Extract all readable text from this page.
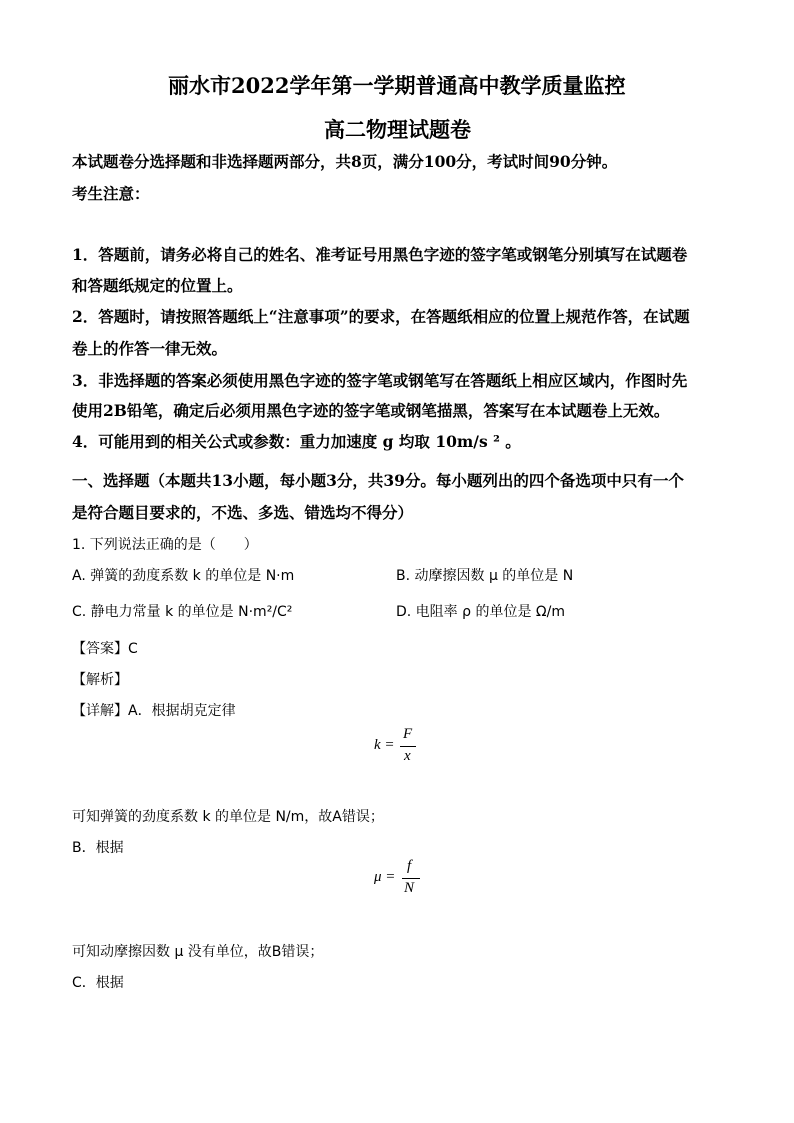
丽水市2022学年第一学期普通高中教学质量监控
高二物理试题卷
本试题卷分选择题和非选择题两部分，共8页，满分100分，考试时间90分钟。
考生注意：
1．答题前，请务必将自己的姓名、准考证号用黑色字迹的签字笔或钢笔分别填写在试题卷
和答题纸规定的位置上。
2．答题时，请按照答题纸上“注意事项”的要求，在答题纸相应的位置上规范作答，在试题
卷上的作答一律无效。
3．非选择题的答案必须使用黑色字迹的签字笔或钢笔写在答题纸上相应区域内，作图时先
使用2B铅笔，确定后必须用黑色字迹的签字笔或钢笔描黑，答案写在本试题卷上无效。
4．可能用到的相关公式或参数：重力加速度 g 均取 10m/s ² 。
一、选择题（本题共13小题，每小题3分，共39分。每小题列出的四个备选项中只有一个
是符合题目要求的，不选、多选、错选均不得分）
1. 下列说法正确的是（　　）
A. 弹簧的劲度系数 k 的单位是 N·m	B. 动摩擦因数 μ 的单位是 N
C. 静电力常量 k 的单位是 N·m²/C²	D. 电阻率 ρ 的单位是 Ω/m
【答案】C
【解析】
【详解】A．根据胡克定律
k =
F
x
可知弹簧的劲度系数 k 的单位是 N/m，故A错误；
B．根据
μ =
f
N
可知动摩擦因数 μ 没有单位，故B错误；
C．根据
